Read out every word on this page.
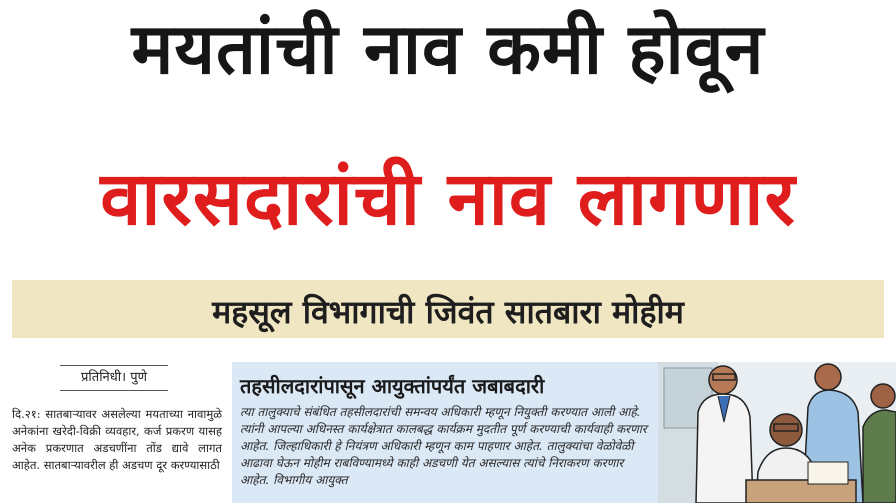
मयतांची नाव कमी होवून
वारसदारांची नाव लागणार
महसूल विभागाची जिवंत सातबारा मोहीम
प्रतिनिधी। पुणे

दि.२१: सातबाऱ्यावर असलेल्या मयताच्या नावामुळे अनेकांना खरेदी-विक्री व्यवहार, कर्ज प्रकरण यासह अनेक प्रकरणात अडचणींना तोंड द्यावे लागत आहेत. सातबाऱ्यावरील ही अडचण दूर करण्यासाठी

तहसीलदारांपासून आयुक्तांपर्यंत जबाबदारी
त्या तालुक्याचे संबंधित तहसीलदारांची समन्वय अधिकारी म्हणून नियुक्ती करण्यात आली आहे. त्यांनी आपल्या अधिनस्त कार्यक्षेत्रात कालबद्ध कार्यक्रम मुदतीत पूर्ण करण्याची कार्यवाही करणार आहेत. जिल्हाधिकारी हे नियंत्रण अधिकारी म्हणून काम पाहणार आहेत. तालुक्यांचा वेळोवेळी आढावा घेऊन मोहीम राबविण्यामध्ये काही अडचणी येत असल्यास त्यांचे निराकरण करणार आहेत. विभागीय आयुक्त
